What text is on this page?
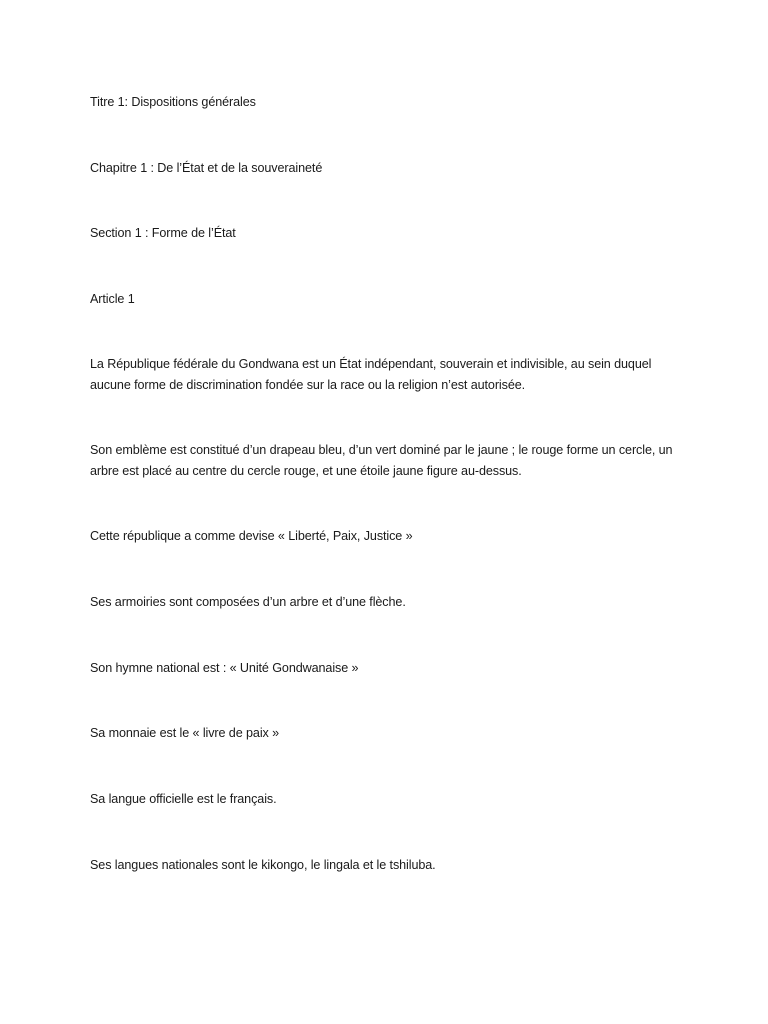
Titre 1: Dispositions générales

Chapitre 1 : De l’État et de la souveraineté

Section 1 : Forme de l’État

Article 1

La République fédérale du Gondwana est un État indépendant, souverain et indivisible, au sein duquel aucune forme de discrimination fondée sur la race ou la religion n’est autorisée.

Son emblème est constitué d’un drapeau bleu, d’un vert dominé par le jaune ; le rouge forme un cercle, un arbre est placé au centre du cercle rouge, et une étoile jaune figure au-dessus.

Cette république a comme devise « Liberté, Paix, Justice »

Ses armoiries sont composées d’un arbre et d’une flèche.

Son hymne national est : « Unité Gondwanaise »

Sa monnaie est le « livre de paix »

Sa langue officielle est le français.

Ses langues nationales sont le kikongo, le lingala et le tshiluba.
